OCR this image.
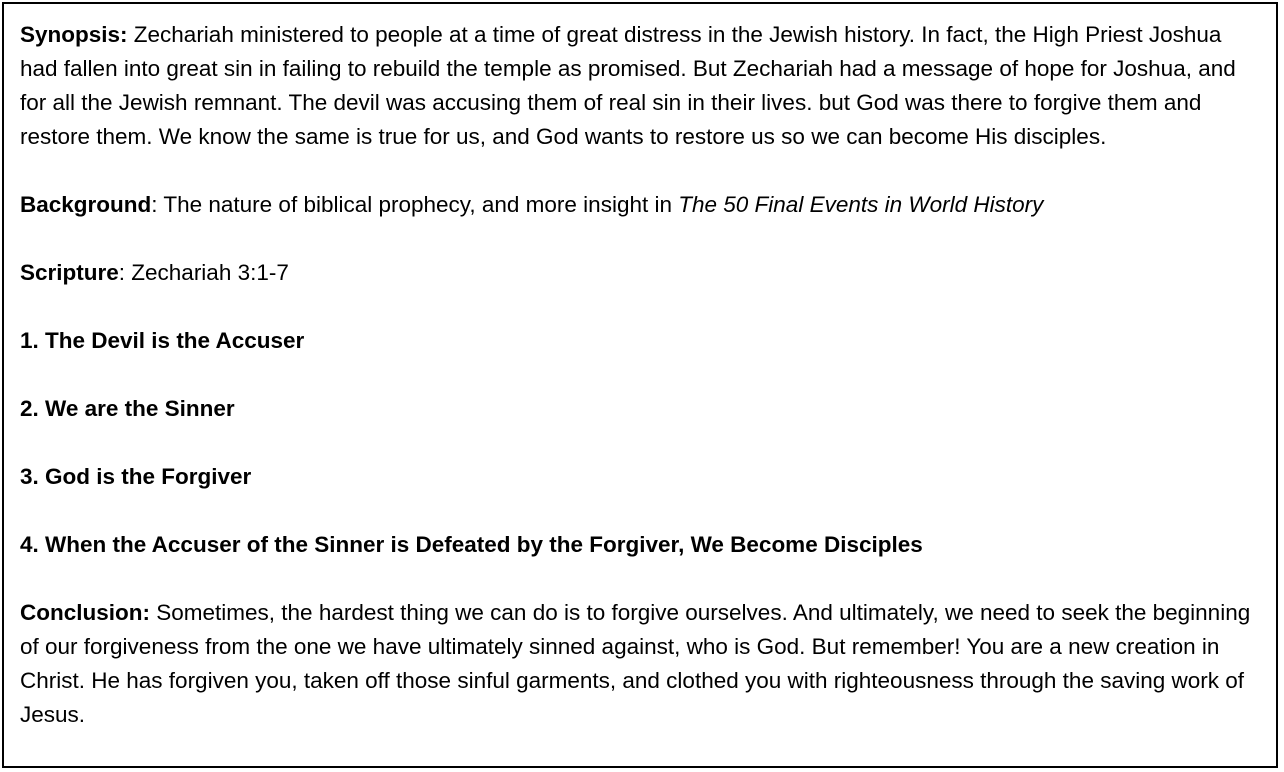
Synopsis: Zechariah ministered to people at a time of great distress in the Jewish history. In fact, the High Priest Joshua had fallen into great sin in failing to rebuild the temple as promised. But Zechariah had a message of hope for Joshua, and for all the Jewish remnant. The devil was accusing them of real sin in their lives. but God was there to forgive them and restore them. We know the same is true for us, and God wants to restore us so we can become His disciples.

Background: The nature of biblical prophecy, and more insight in The 50 Final Events in World History

Scripture: Zechariah 3:1-7

1. The Devil is the Accuser

2. We are the Sinner

3. God is the Forgiver

4. When the Accuser of the Sinner is Defeated by the Forgiver, We Become Disciples

Conclusion: Sometimes, the hardest thing we can do is to forgive ourselves. And ultimately, we need to seek the beginning of our forgiveness from the one we have ultimately sinned against, who is God. But remember! You are a new creation in Christ. He has forgiven you, taken off those sinful garments, and clothed you with righteousness through the saving work of Jesus.
